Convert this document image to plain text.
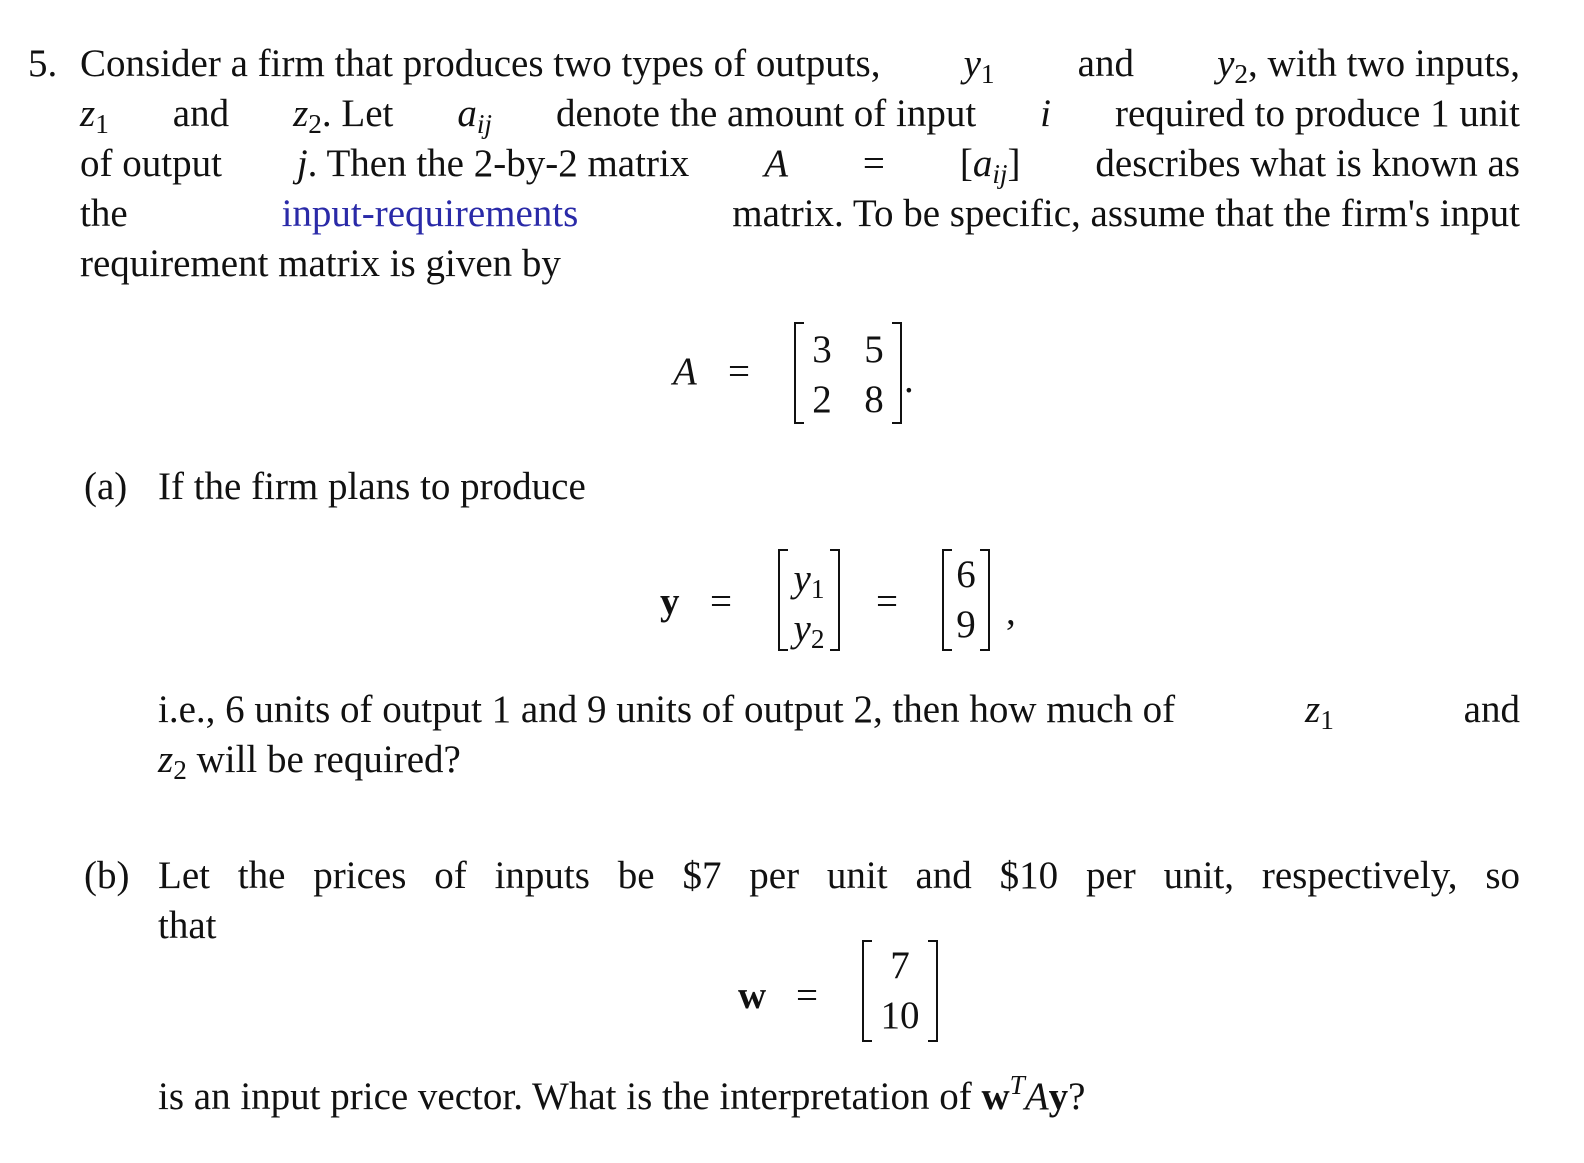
5. Consider a firm that produces two types of outputs, $y_1$ and $y_2$, with two inputs,
$z_1$ and $z_2$. Let aij denote the amount of input i required to produce 1 unit
of output j. Then the 2-by-2 matrix A = [aij] describes what is known as
the	input-requirements	matrix. To be specific, assume that the firm's input
requirement matrix is given by
A =
3 5
2 8 .
(a) If the firm plans to produce
y =
$y_1$
$y_2$
=
6
9 ,
i.e., 6 units of output 1 and 9 units of output 2, then how much of	$z_1$	and
$z_2$ will be required?
(b) Let the prices of inputs be $7 per unit and $10 per unit, respectively, so
that
w =
7
10
is an input price vector. What is the interpretation of $w^TAy$?
